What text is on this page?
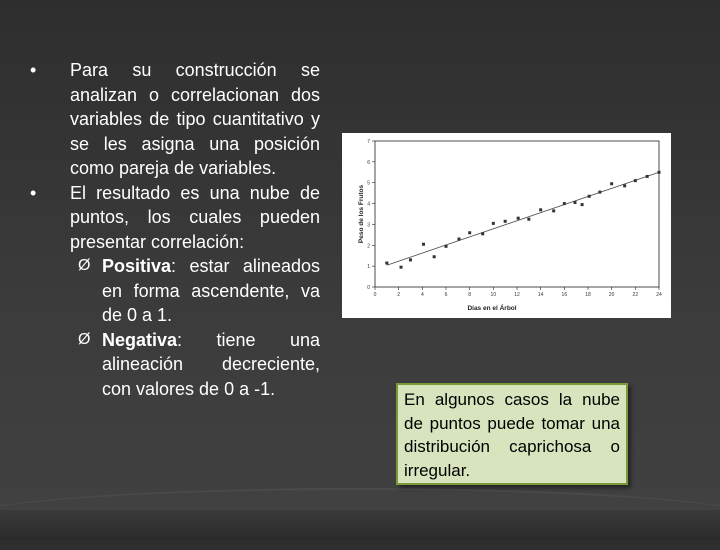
•	Para su construcción se analizan o correlacionan dos variables de tipo cuantitativo y se les asigna una posición como pareja de variables.
•	El resultado es una nube de puntos, los cuales pueden presentar correlación:
Ø Positiva: estar alineados en forma ascendente, va de 0 a 1.
Ø Negativa: tiene una alineación decreciente, con valores de 0 a -1.
0	2	4	6	8	10	12	14	16	18	20	22	24
0
1
2
3
4
5
6
7
Días en el Árbol
Peso de los Frutos
En algunos casos la nube de puntos puede tomar una distribución caprichosa o irregular.
